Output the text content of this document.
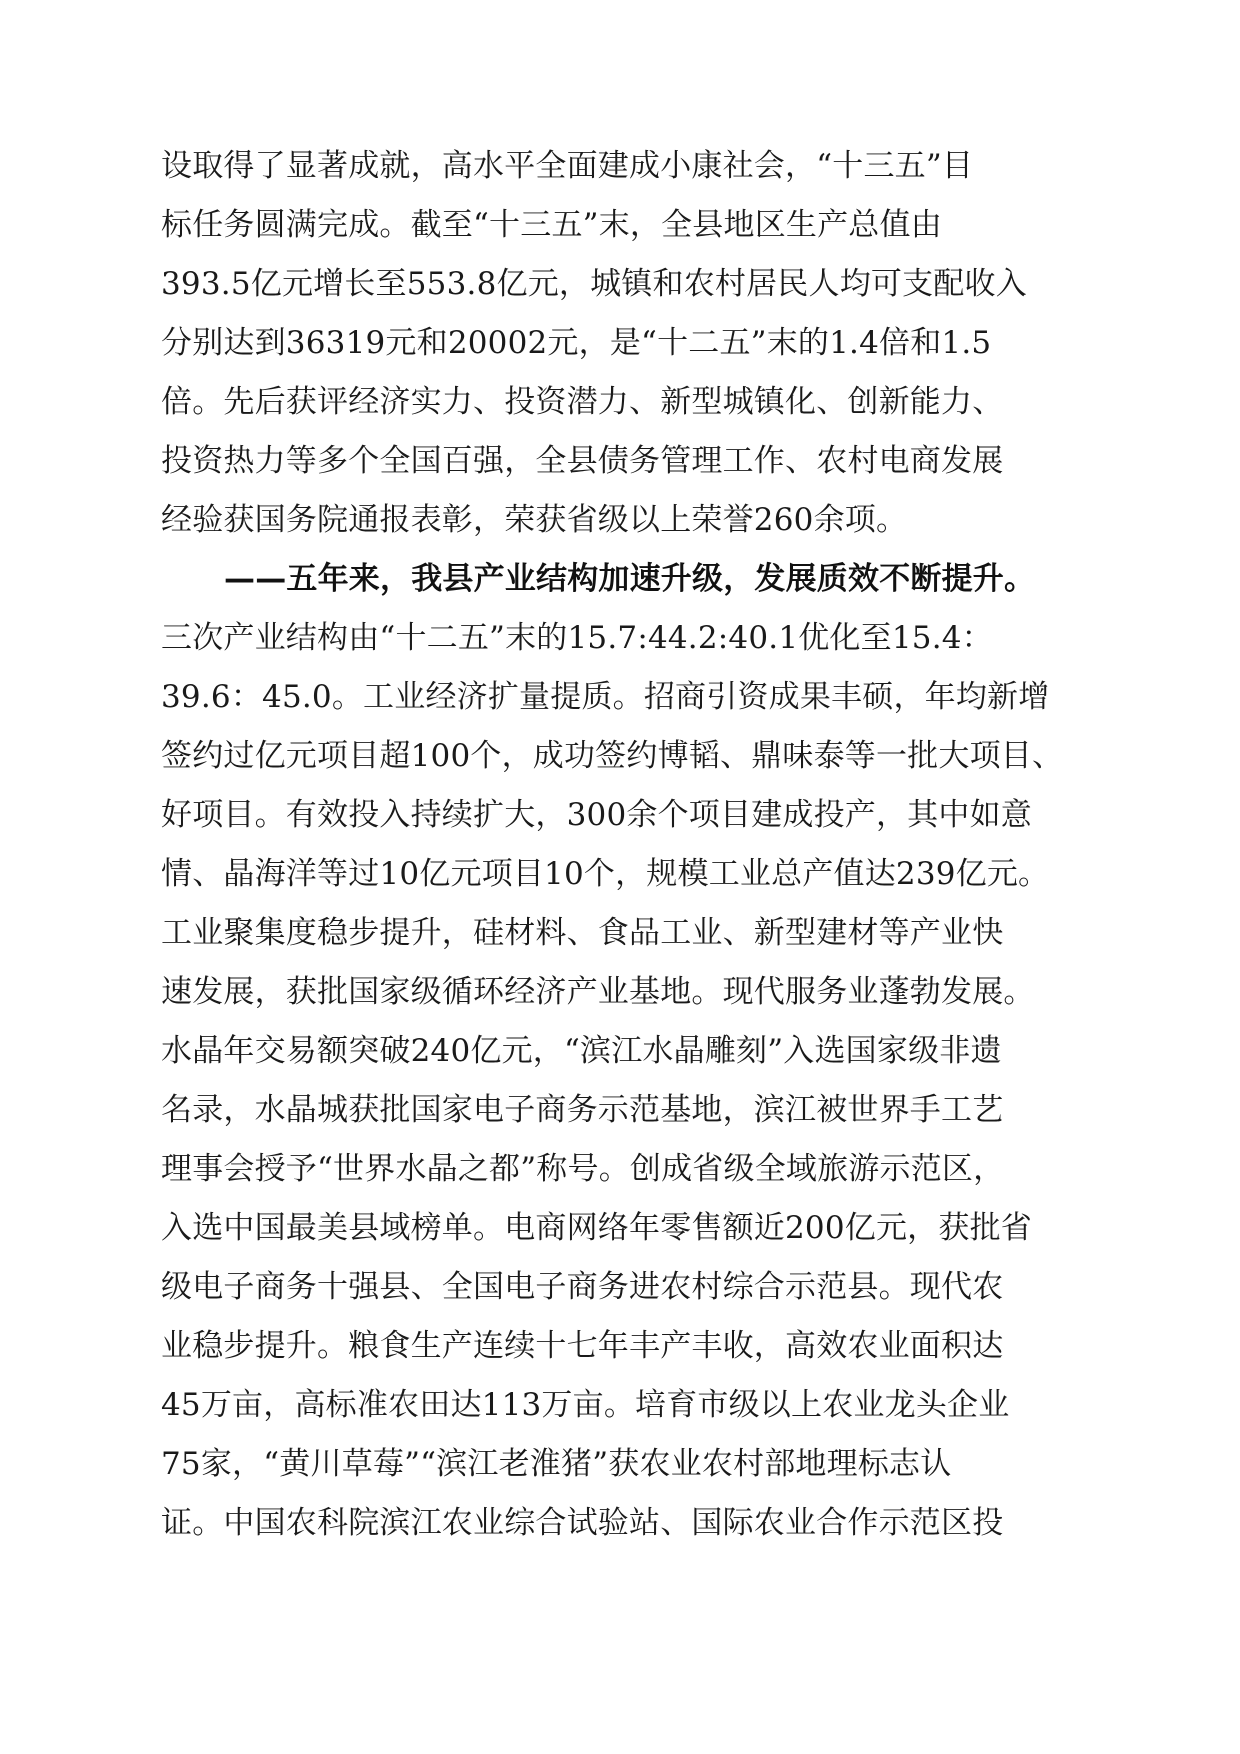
设取得了显著成就，高水平全面建成小康社会，“十三五”目
标任务圆满完成。截至“十三五”末，全县地区生产总值由
393.5亿元增长至553.8亿元，城镇和农村居民人均可支配收入
分别达到36319元和20002元，是“十二五”末的1.4倍和1.5
倍。先后获评经济实力、投资潜力、新型城镇化、创新能力、
投资热力等多个全国百强，全县债务管理工作、农村电商发展
经验获国务院通报表彰，荣获省级以上荣誉260余项。
——五年来，我县产业结构加速升级，发展质效不断提升。
三次产业结构由“十二五”末的15.7:44.2:40.1优化至15.4：
39.6：45.0。工业经济扩量提质。招商引资成果丰硕，年均新增
签约过亿元项目超100个，成功签约博韬、鼎味泰等一批大项目、
好项目。有效投入持续扩大，300余个项目建成投产，其中如意
情、晶海洋等过10亿元项目10个，规模工业总产值达239亿元。
工业聚集度稳步提升，硅材料、食品工业、新型建材等产业快
速发展，获批国家级循环经济产业基地。现代服务业蓬勃发展。
水晶年交易额突破240亿元，“滨江水晶雕刻”入选国家级非遗
名录，水晶城获批国家电子商务示范基地，滨江被世界手工艺
理事会授予“世界水晶之都”称号。创成省级全域旅游示范区，
入选中国最美县域榜单。电商网络年零售额近200亿元，获批省
级电子商务十强县、全国电子商务进农村综合示范县。现代农
业稳步提升。粮食生产连续十七年丰产丰收，高效农业面积达
45万亩，高标准农田达113万亩。培育市级以上农业龙头企业
75家，“黄川草莓”“滨江老淮猪”获农业农村部地理标志认
证。中国农科院滨江农业综合试验站、国际农业合作示范区投
